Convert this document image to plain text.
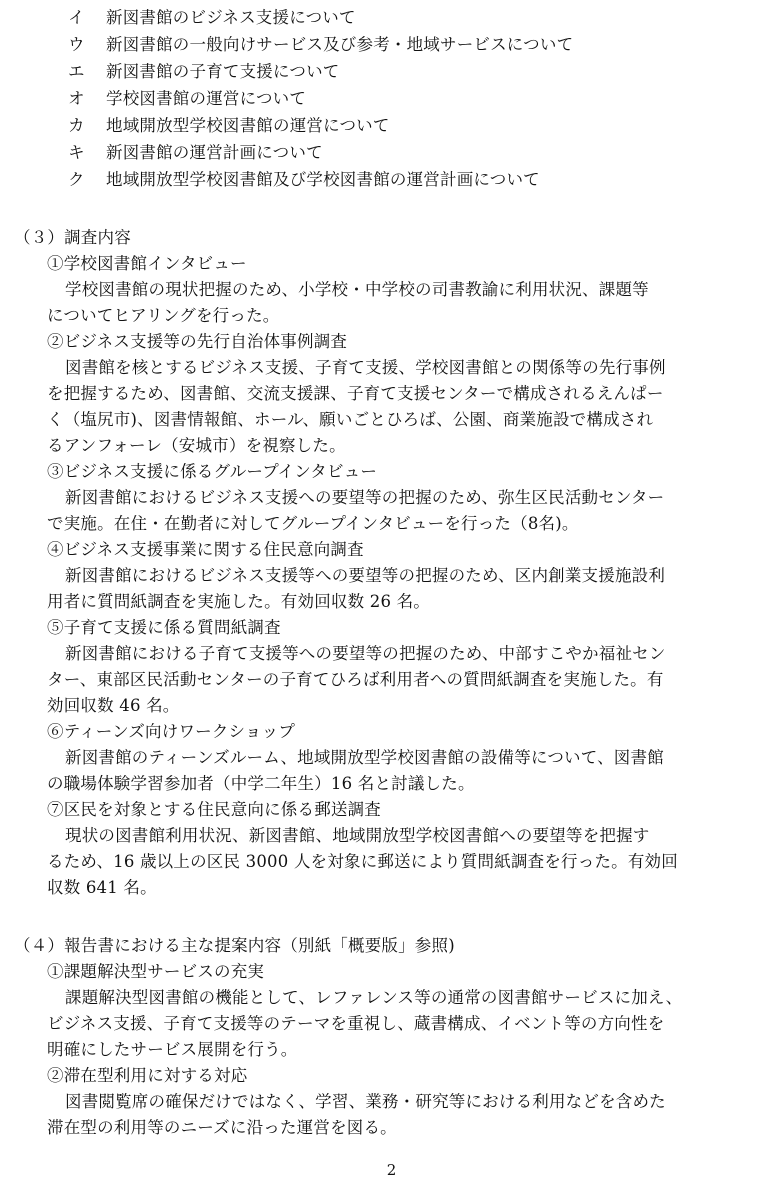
イ 新図書館のビジネス支援について
ウ 新図書館の一般向けサービス及び参考・地域サービスについて
エ 新図書館の子育て支援について
オ 学校図書館の運営について
カ 地域開放型学校図書館の運営について
キ 新図書館の運営計画について
ク 地域開放型学校図書館及び学校図書館の運営計画について
（３）調査内容
①学校図書館インタビュー
学校図書館の現状把握のため、小学校・中学校の司書教諭に利用状況、課題等
についてヒアリングを行った。
②ビジネス支援等の先行自治体事例調査
図書館を核とするビジネス支援、子育て支援、学校図書館との関係等の先行事例
を把握するため、図書館、交流支援課、子育て支援センターで構成されるえんぱー
く（塩尻市)、図書情報館、ホール、願いごとひろば、公園、商業施設で構成され
るアンフォーレ（安城市）を視察した。
③ビジネス支援に係るグループインタビュー
新図書館におけるビジネス支援への要望等の把握のため、弥生区民活動センター
で実施。在住・在勤者に対してグループインタビューを行った（8名)。
④ビジネス支援事業に関する住民意向調査
新図書館におけるビジネス支援等への要望等の把握のため、区内創業支援施設利
用者に質問紙調査を実施した。有効回収数 26 名。
⑤子育て支援に係る質問紙調査
新図書館における子育て支援等への要望等の把握のため、中部すこやか福祉セン
ター、東部区民活動センターの子育てひろば利用者への質問紙調査を実施した。有
効回収数 46 名。
⑥ティーンズ向けワークショップ
新図書館のティーンズルーム、地域開放型学校図書館の設備等について、図書館
の職場体験学習参加者（中学二年生）16 名と討議した。
⑦区民を対象とする住民意向に係る郵送調査
現状の図書館利用状況、新図書館、地域開放型学校図書館への要望等を把握す
るため、16 歳以上の区民 3000 人を対象に郵送により質問紙調査を行った。有効回
収数 641 名。
（４）報告書における主な提案内容（別紙「概要版」参照)
①課題解決型サービスの充実
課題解決型図書館の機能として、レファレンス等の通常の図書館サービスに加え、
ビジネス支援、子育て支援等のテーマを重視し、蔵書構成、イベント等の方向性を
明確にしたサービス展開を行う。
②滞在型利用に対する対応
図書閲覧席の確保だけではなく、学習、業務・研究等における利用などを含めた
滞在型の利用等のニーズに沿った運営を図る。
2
